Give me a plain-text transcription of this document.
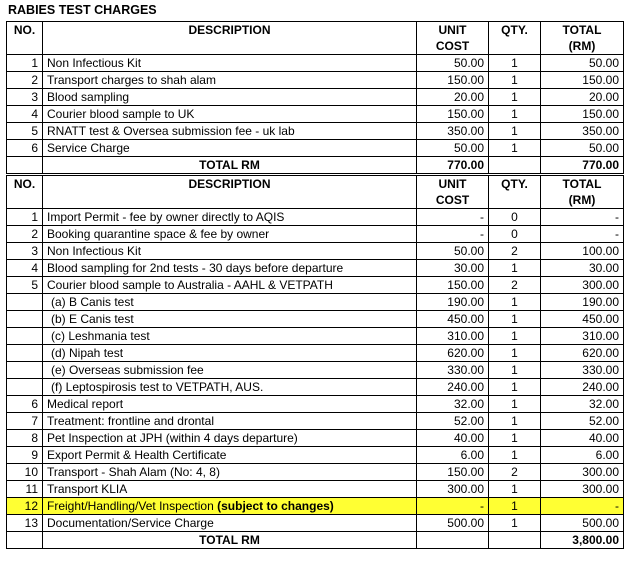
RABIES TEST CHARGES
NO.	DESCRIPTION	UNIT	QTY.	TOTAL
		COST		(RM)
1	Non Infectious Kit	50.00	1	50.00
2	Transport charges to shah alam	150.00	1	150.00
3	Blood sampling	20.00	1	20.00
4	Courier blood sample to UK	150.00	1	150.00
5	RNATT test & Oversea submission fee - uk lab	350.00	1	350.00
6	Service Charge	50.00	1	50.00
	TOTAL RM	770.00		770.00
NO.	DESCRIPTION	UNIT	QTY.	TOTAL
		COST		(RM)
1	Import Permit - fee by owner directly to AQIS	-	0	-
2	Booking quarantine space & fee by owner	-	0	-
3	Non Infectious Kit	50.00	2	100.00
4	Blood sampling for 2nd tests - 30 days before departure	30.00	1	30.00
5	Courier blood sample to Australia - AAHL & VETPATH	150.00	2	300.00
	(a) B Canis test	190.00	1	190.00
	(b) E Canis test	450.00	1	450.00
	(c) Leshmania test	310.00	1	310.00
	(d) Nipah test	620.00	1	620.00
	(e) Overseas submission fee	330.00	1	330.00
	(f) Leptospirosis test to VETPATH, AUS.	240.00	1	240.00
6	Medical report	32.00	1	32.00
7	Treatment: frontline and drontal	52.00	1	52.00
8	Pet Inspection at JPH (within 4 days departure)	40.00	1	40.00
9	Export Permit & Health Certificate	6.00	1	6.00
10	Transport - Shah Alam (No: 4, 8)	150.00	2	300.00
11	Transport KLIA	300.00	1	300.00
12	Freight/Handling/Vet Inspection (subject to changes)	-	1	-
13	Documentation/Service Charge	500.00	1	500.00
	TOTAL RM			3,800.00
